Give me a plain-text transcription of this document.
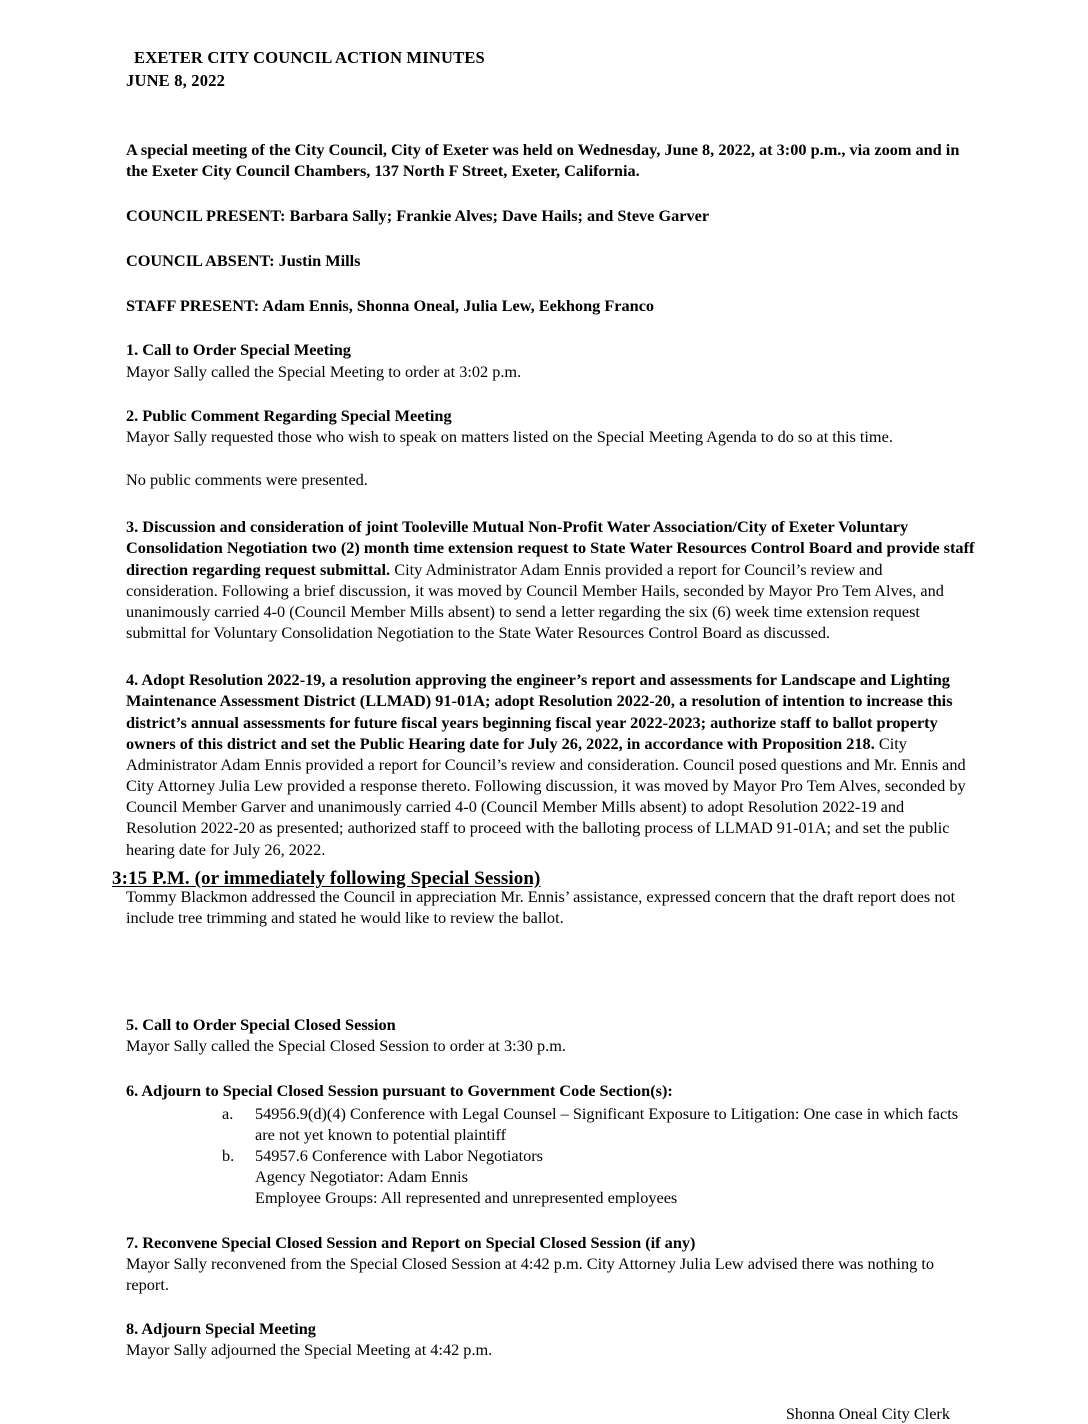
EXETER CITY COUNCIL ACTION MINUTES
JUNE 8, 2022
A special meeting of the City Council, City of Exeter was held on Wednesday, June 8, 2022, at 3:00 p.m., via zoom and in the Exeter City Council Chambers, 137 North F Street, Exeter, California.
COUNCIL PRESENT: Barbara Sally; Frankie Alves; Dave Hails; and Steve Garver
COUNCIL ABSENT: Justin Mills
STAFF PRESENT: Adam Ennis, Shonna Oneal, Julia Lew, Eekhong Franco
1. Call to Order Special Meeting
Mayor Sally called the Special Meeting to order at 3:02 p.m.
2. Public Comment Regarding Special Meeting
Mayor Sally requested those who wish to speak on matters listed on the Special Meeting Agenda to do so at this time.
No public comments were presented.
3. Discussion and consideration of joint Tooleville Mutual Non-Profit Water Association/City of Exeter Voluntary Consolidation Negotiation two (2) month time extension request to State Water Resources Control Board and provide staff direction regarding request submittal. City Administrator Adam Ennis provided a report for Council’s review and consideration. Following a brief discussion, it was moved by Council Member Hails, seconded by Mayor Pro Tem Alves, and unanimously carried 4-0 (Council Member Mills absent) to send a letter regarding the six (6) week time extension request submittal for Voluntary Consolidation Negotiation to the State Water Resources Control Board as discussed.
4. Adopt Resolution 2022-19, a resolution approving the engineer’s report and assessments for Landscape and Lighting Maintenance Assessment District (LLMAD) 91-01A; adopt Resolution 2022-20, a resolution of intention to increase this district’s annual assessments for future fiscal years beginning fiscal year 2022-2023; authorize staff to ballot property owners of this district and set the Public Hearing date for July 26, 2022, in accordance with Proposition 218. City Administrator Adam Ennis provided a report for Council’s review and consideration. Council posed questions and Mr. Ennis and City Attorney Julia Lew provided a response thereto. Following discussion, it was moved by Mayor Pro Tem Alves, seconded by Council Member Garver and unanimously carried 4-0 (Council Member Mills absent) to adopt Resolution 2022-19 and Resolution 2022-20 as presented; authorized staff to proceed with the balloting process of LLMAD 91-01A; and set the public hearing date for July 26, 2022.
Tommy Blackmon addressed the Council in appreciation Mr. Ennis’ assistance, expressed concern that the draft report does not include tree trimming and stated he would like to review the ballot.
5. Call to Order Special Closed Session
Mayor Sally called the Special Closed Session to order at 3:30 p.m.
6. Adjourn to Special Closed Session pursuant to Government Code Section(s):
a. 54956.9(d)(4) Conference with Legal Counsel – Significant Exposure to Litigation: One case in which facts are not yet known to potential plaintiff
b. 54957.6 Conference with Labor Negotiators
Agency Negotiator: Adam Ennis
Employee Groups: All represented and unrepresented employees
7. Reconvene Special Closed Session and Report on Special Closed Session (if any)
Mayor Sally reconvened from the Special Closed Session at 4:42 p.m. City Attorney Julia Lew advised there was nothing to report.
8. Adjourn Special Meeting
Mayor Sally adjourned the Special Meeting at 4:42 p.m.
Shonna Oneal City Clerk
3:15 P.M. (or immediately following Special Session)
